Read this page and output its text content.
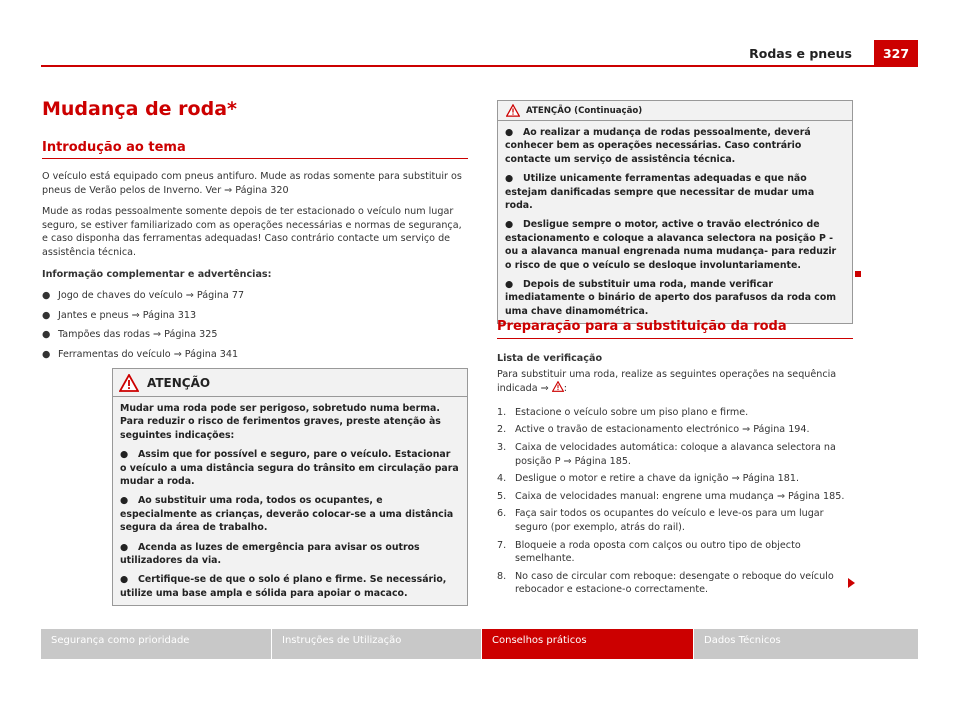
Rodas e pneus	327
Mudança de roda*
Introdução ao tema

O veículo está equipado com pneus antifuro. Mude as rodas somente para substituir os pneus de Verão pelos de Inverno. Ver ⇒ Página 320

Mude as rodas pessoalmente somente depois de ter estacionado o veículo num lugar seguro, se estiver familiarizado com as operações necessárias e normas de segurança, e caso disponha das ferramentas adequadas! Caso contrário contacte um serviço de assistência técnica.

Informação complementar e advertências:

● Jogo de chaves do veículo ⇒ Página 77
● Jantes e pneus ⇒ Página 313
● Tampões das rodas ⇒ Página 325
● Ferramentas do veículo ⇒ Página 341
ATENÇÃO

Mudar uma roda pode ser perigoso, sobretudo numa berma. Para reduzir o risco de ferimentos graves, preste atenção às seguintes indicações:

●   Assim que for possível e seguro, pare o veículo. Estacionar o veículo a uma distância segura do trânsito em circulação para mudar a roda.

●   Ao substituir uma roda, todos os ocupantes, e especialmente as crianças, deverão colocar-se a uma distância segura da área de trabalho.

●   Acenda as luzes de emergência para avisar os outros utilizadores da via.

●   Certifique-se de que o solo é plano e firme. Se necessário, utilize uma base ampla e sólida para apoiar o macaco.

ATENÇÃO (Continuação)

●   Ao realizar a mudança de rodas pessoalmente, deverá conhecer bem as operações necessárias. Caso contrário contacte um serviço de assistência técnica.

●   Utilize unicamente ferramentas adequadas e que não estejam danificadas sempre que necessitar de mudar uma roda.

●   Desligue sempre o motor, active o travão electrónico de estacionamento e coloque a alavanca selectora na posição P -ou a alavanca manual engrenada numa mudança- para reduzir o risco de que o veículo se desloque involuntariamente.

●   Depois de substituir uma roda, mande verificar imediatamente o binário de aperto dos parafusos da roda com uma chave dinamométrica.

Preparação para a substituição da roda

Lista de verificação

Para substituir uma roda, realize as seguintes operações na sequência indicada ⇒ :

1. Estacione o veículo sobre um piso plano e firme.
2. Active o travão de estacionamento electrónico ⇒ Página 194.
3. Caixa de velocidades automática: coloque a alavanca selectora na posição P ⇒ Página 185.
4. Desligue o motor e retire a chave da ignição ⇒ Página 181.
5. Caixa de velocidades manual: engrene uma mudança ⇒ Página 185.
6. Faça sair todos os ocupantes do veículo e leve-os para um lugar seguro (por exemplo, atrás do rail).
7. Bloqueie a roda oposta com calços ou outro tipo de objecto semelhante.
8. No caso de circular com reboque: desengate o reboque do veículo rebocador e estacione-o correctamente.
Segurança como prioridade	Instruções de Utilização	Conselhos práticos	Dados Técnicos
